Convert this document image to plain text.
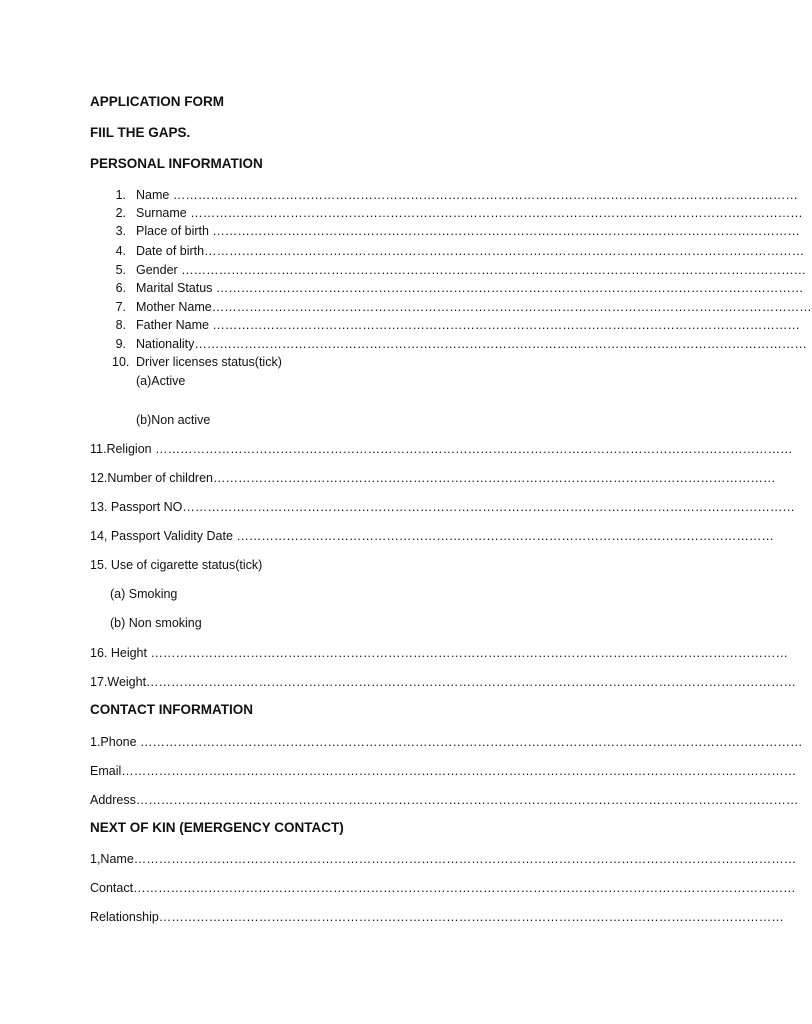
APPLICATION FORM
FIIL THE GAPS.
PERSONAL INFORMATION
1. Name ……………………………………………………………………………………………………………………………………
2. Surname …………………………………………………………………………………………………………………………………
3. Place of birth ……………………………………………………………………………………………………………………………
4. Date of birth………………………………………………………………………………………………………………………………
5. Gender ……………………………………………………………………………………………………………………………………
6. Marital Status ……………………………………………………………………………………………………………………………
7. Mother Name………………………………………………………………………………………………………………………………
8. Father Name ……………………………………………………………………………………………………………………………
9. Nationality…………………………………………………………………………………………………………………………………
10. Driver licenses status(tick)
(a)Active
(b)Non active
11.Religion ………………………………………………………………………………………………………………………………………
12.Number of children………………………………………………………………………………………………………………………
13. Passport NO…………………………………………………………………………………………………………………………………
14, Passport Validity Date …………………………………………………………………………………………………………………
15. Use of cigarette status(tick)
(a) Smoking
(b) Non smoking
16. Height ………………………………………………………………………………………………………………………………………
17.Weight…………………………………………………………………………………………………………………………………………
CONTACT INFORMATION
1.Phone ……………………………………………………………………………………………………………………………………………
Email………………………………………………………………………………………………………………………………………………
Address……………………………………………………………………………………………………………………………………………
NEXT OF KIN (EMERGENCY CONTACT)
1,Name……………………………………………………………………………………………………………………………………………
Contact……………………………………………………………………………………………………………………………………………
Relationship……………………………………………………………………………………………………………………………………
